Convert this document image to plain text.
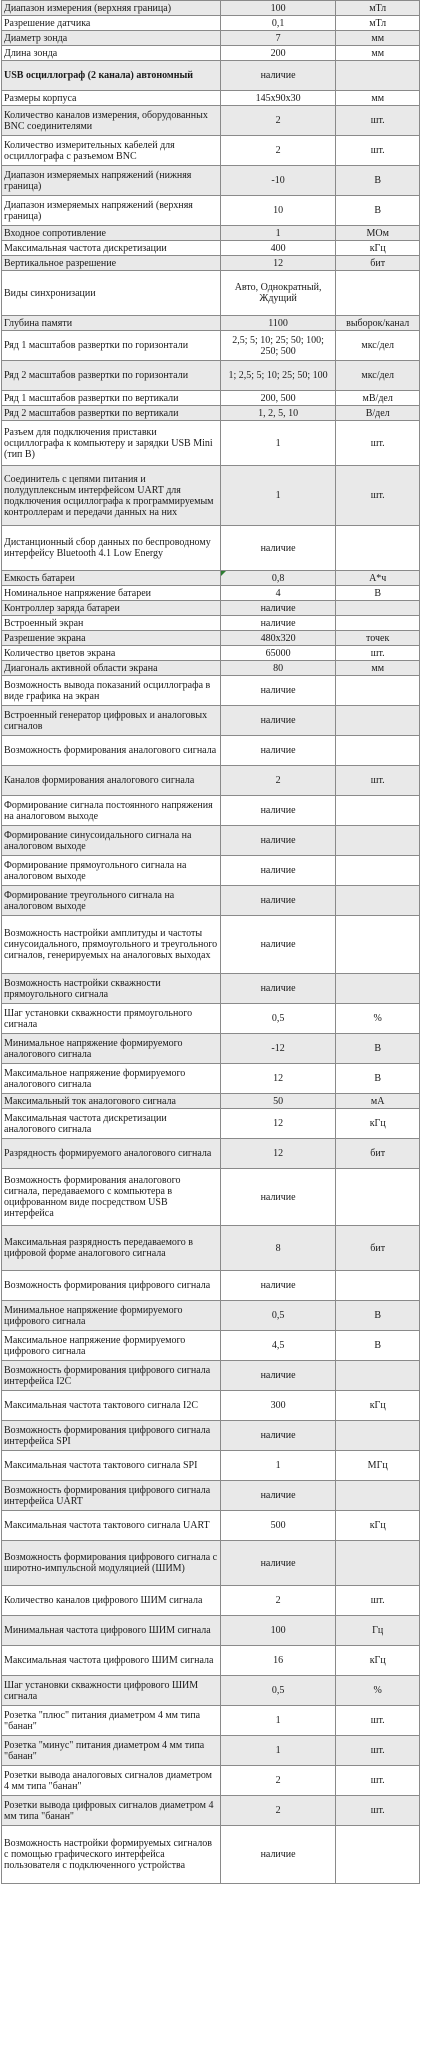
Диапазон измерения (верхняя граница)	100	мТл
Разрешение датчика	0,1	мТл
Диаметр зонда	7	мм
Длина зонда	200	мм
USB осциллограф (2 канала) автономный	наличие	
Размеры корпуса	145x90x30	мм
Количество каналов измерения, оборудованных BNC соединителями	2	шт.
Количество измерительных кабелей для осциллографа с разъемом BNC	2	шт.
Диапазон измеряемых напряжений (нижняя граница)	-10	В
Диапазон измеряемых напряжений (верхняя граница)	10	В
Входное сопротивление	1	МОм
Максимальная частота дискретизации	400	кГц
Вертикальное разрешение	12	бит
Виды синхронизации	Авто, Однократный, Ждущий	
Глубина памяти	1100	выборок/канал
Ряд 1 масштабов развертки по горизонтали	2,5; 5; 10; 25; 50; 100; 250; 500	мкс/дел
Ряд 2 масштабов развертки по горизонтали	1; 2,5; 5; 10; 25; 50; 100	мкс/дел
Ряд 1 масштабов развертки по вертикали	200, 500	мВ/дел
Ряд 2 масштабов развертки по вертикали	1, 2, 5, 10	В/дел
Разъем для подключения приставки осциллографа к компьютеру и зарядки USB Mini (тип B)	1	шт.
Соединитель с цепями питания и полудуплексным интерфейсом UART для подключения осциллографа к программируемым контроллерам и передачи данных на них	1	шт.
Дистанционный сбор данных по беспроводному интерфейсу Bluetooth 4.1 Low Energy	наличие	
Емкость батареи	0,8	А*ч
Номинальное напряжение батареи	4	В
Контроллер заряда батареи	наличие	
Встроенный экран	наличие	
Разрешение экрана	480x320	точек
Количество цветов экрана	65000	шт.
Диагональ активной области экрана	80	мм
Возможность вывода показаний осциллографа в виде графика на экран	наличие	
Встроенный генератор цифровых и аналоговых сигналов	наличие	
Возможность формирования аналогового сигнала	наличие	
Каналов формирования аналогового сигнала	2	шт.
Формирование сигнала постоянного напряжения на аналоговом выходе	наличие	
Формирование синусоидального сигнала на аналоговом выходе	наличие	
Формирование прямоугольного сигнала на аналоговом выходе	наличие	
Формирование треугольного сигнала на аналоговом выходе	наличие	
Возможность настройки амплитуды и частоты синусоидального, прямоугольного и треугольного сигналов, генерируемых на аналоговых выходах	наличие	
Возможность настройки скважности прямоугольного сигнала	наличие	
Шаг установки скважности прямоугольного сигнала	0,5	%
Минимальное напряжение формируемого аналогового сигнала	-12	В
Максимальное напряжение формируемого аналогового сигнала	12	В
Максимальный ток аналогового сигнала	50	мА
Максимальная частота дискретизации аналогового сигнала	12	кГц
Разрядность формируемого аналогового сигнала	12	бит
Возможность формирования аналогового сигнала, передаваемого с компьютера в оцифрованном виде посредством USB интерфейса	наличие	
Максимальная разрядность передаваемого в цифровой форме аналогового сигнала	8	бит
Возможность формирования цифрового сигнала	наличие	
Минимальное напряжение формируемого цифрового сигнала	0,5	В
Максимальное напряжение формируемого цифрового сигнала	4,5	В
Возможность формирования цифрового сигнала интерфейса I2C	наличие	
Максимальная частота тактового сигнала I2C	300	кГц
Возможность формирования цифрового сигнала интерфейса SPI	наличие	
Максимальная частота тактового сигнала SPI	1	МГц
Возможность формирования цифрового сигнала интерфейса UART	наличие	
Максимальная частота тактового сигнала UART	500	кГц
Возможность формирования цифрового сигнала с широтно-импульсной модуляцией (ШИМ)	наличие	
Количество каналов цифрового ШИМ сигнала	2	шт.
Минимальная частота цифрового ШИМ сигнала	100	Гц
Максимальная частота цифрового ШИМ сигнала	16	кГц
Шаг установки скважности цифрового ШИМ сигнала	0,5	%
Розетка "плюс" питания диаметром 4 мм типа "банан"	1	шт.
Розетка "минус" питания диаметром 4 мм типа "банан"	1	шт.
Розетки вывода аналоговых сигналов диаметром 4 мм типа "банан"	2	шт.
Розетки вывода цифровых сигналов диаметром 4 мм типа "банан"	2	шт.
Возможность настройки формируемых сигналов с помощью графического интерфейса пользователя с подключенного устройства	наличие	
